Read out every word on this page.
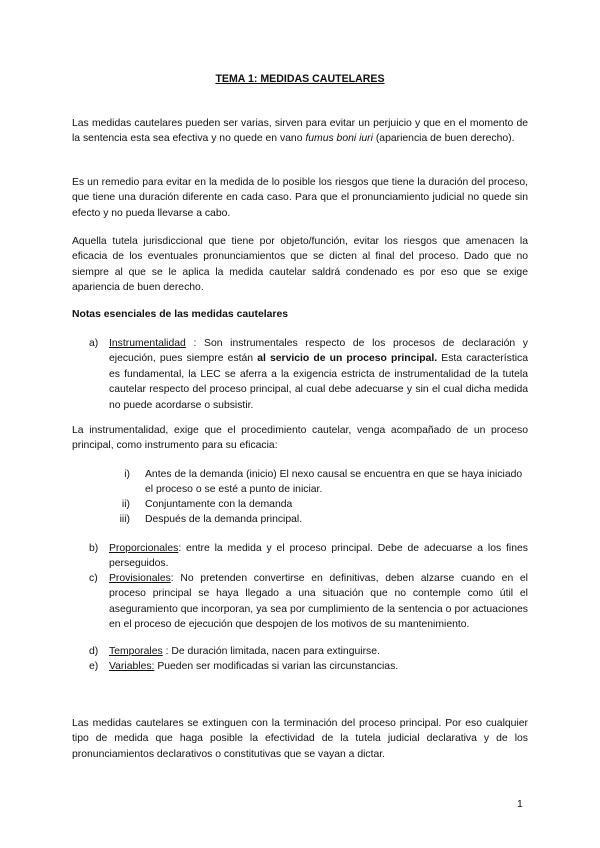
TEMA 1: MEDIDAS CAUTELARES
Las medidas cautelares pueden ser varias, sirven para evitar un perjuicio y que en el momento de la sentencia esta sea efectiva y no quede en vano fumus boni iuri (apariencia de buen derecho).
Es un remedio para evitar en la medida de lo posible los riesgos que tiene la duración del proceso, que tiene una duración diferente en cada caso. Para que el pronunciamiento judicial no quede sin efecto y no pueda llevarse a cabo.
Aquella tutela jurisdiccional que tiene por objeto/función, evitar los riesgos que amenacen la eficacia de los eventuales pronunciamientos que se dicten al final del proceso. Dado que no siempre al que se le aplica la medida cautelar saldrá condenado es por eso que se exige apariencia de buen derecho.
Notas esenciales de las medidas cautelares
a) Instrumentalidad : Son instrumentales respecto de los procesos de declaración y ejecución, pues siempre están al servicio de un proceso principal. Esta característica es fundamental, la LEC se aferra a la exigencia estricta de instrumentalidad de la tutela cautelar respecto del proceso principal, al cual debe adecuarse y sin el cual dicha medida no puede acordarse o subsistir.
La instrumentalidad, exige que el procedimiento cautelar, venga acompañado de un proceso principal, como instrumento para su eficacia:
i) Antes de la demanda (inicio) El nexo causal se encuentra en que se haya iniciado el proceso o se esté a punto de iniciar.
ii) Conjuntamente con la demanda
iii) Después de la demanda principal.
b) Proporcionales: entre la medida y el proceso principal. Debe de adecuarse a los fines perseguidos.
c) Provisionales: No pretenden convertirse en definitivas, deben alzarse cuando en el proceso principal se haya llegado a una situación que no contemple como útil el aseguramiento que incorporan, ya sea por cumplimiento de la sentencia o por actuaciones en el proceso de ejecución que despojen de los motivos de su mantenimiento.
d) Temporales : De duración limitada, nacen para extinguirse.
e) Variables: Pueden ser modificadas si varian las circunstancias.
Las medidas cautelares se extinguen con la terminación del proceso principal. Por eso cualquier tipo de medida que haga posible la efectividad de la tutela judicial declarativa y de los pronunciamientos declarativos o constitutivas que se vayan a dictar.
1
